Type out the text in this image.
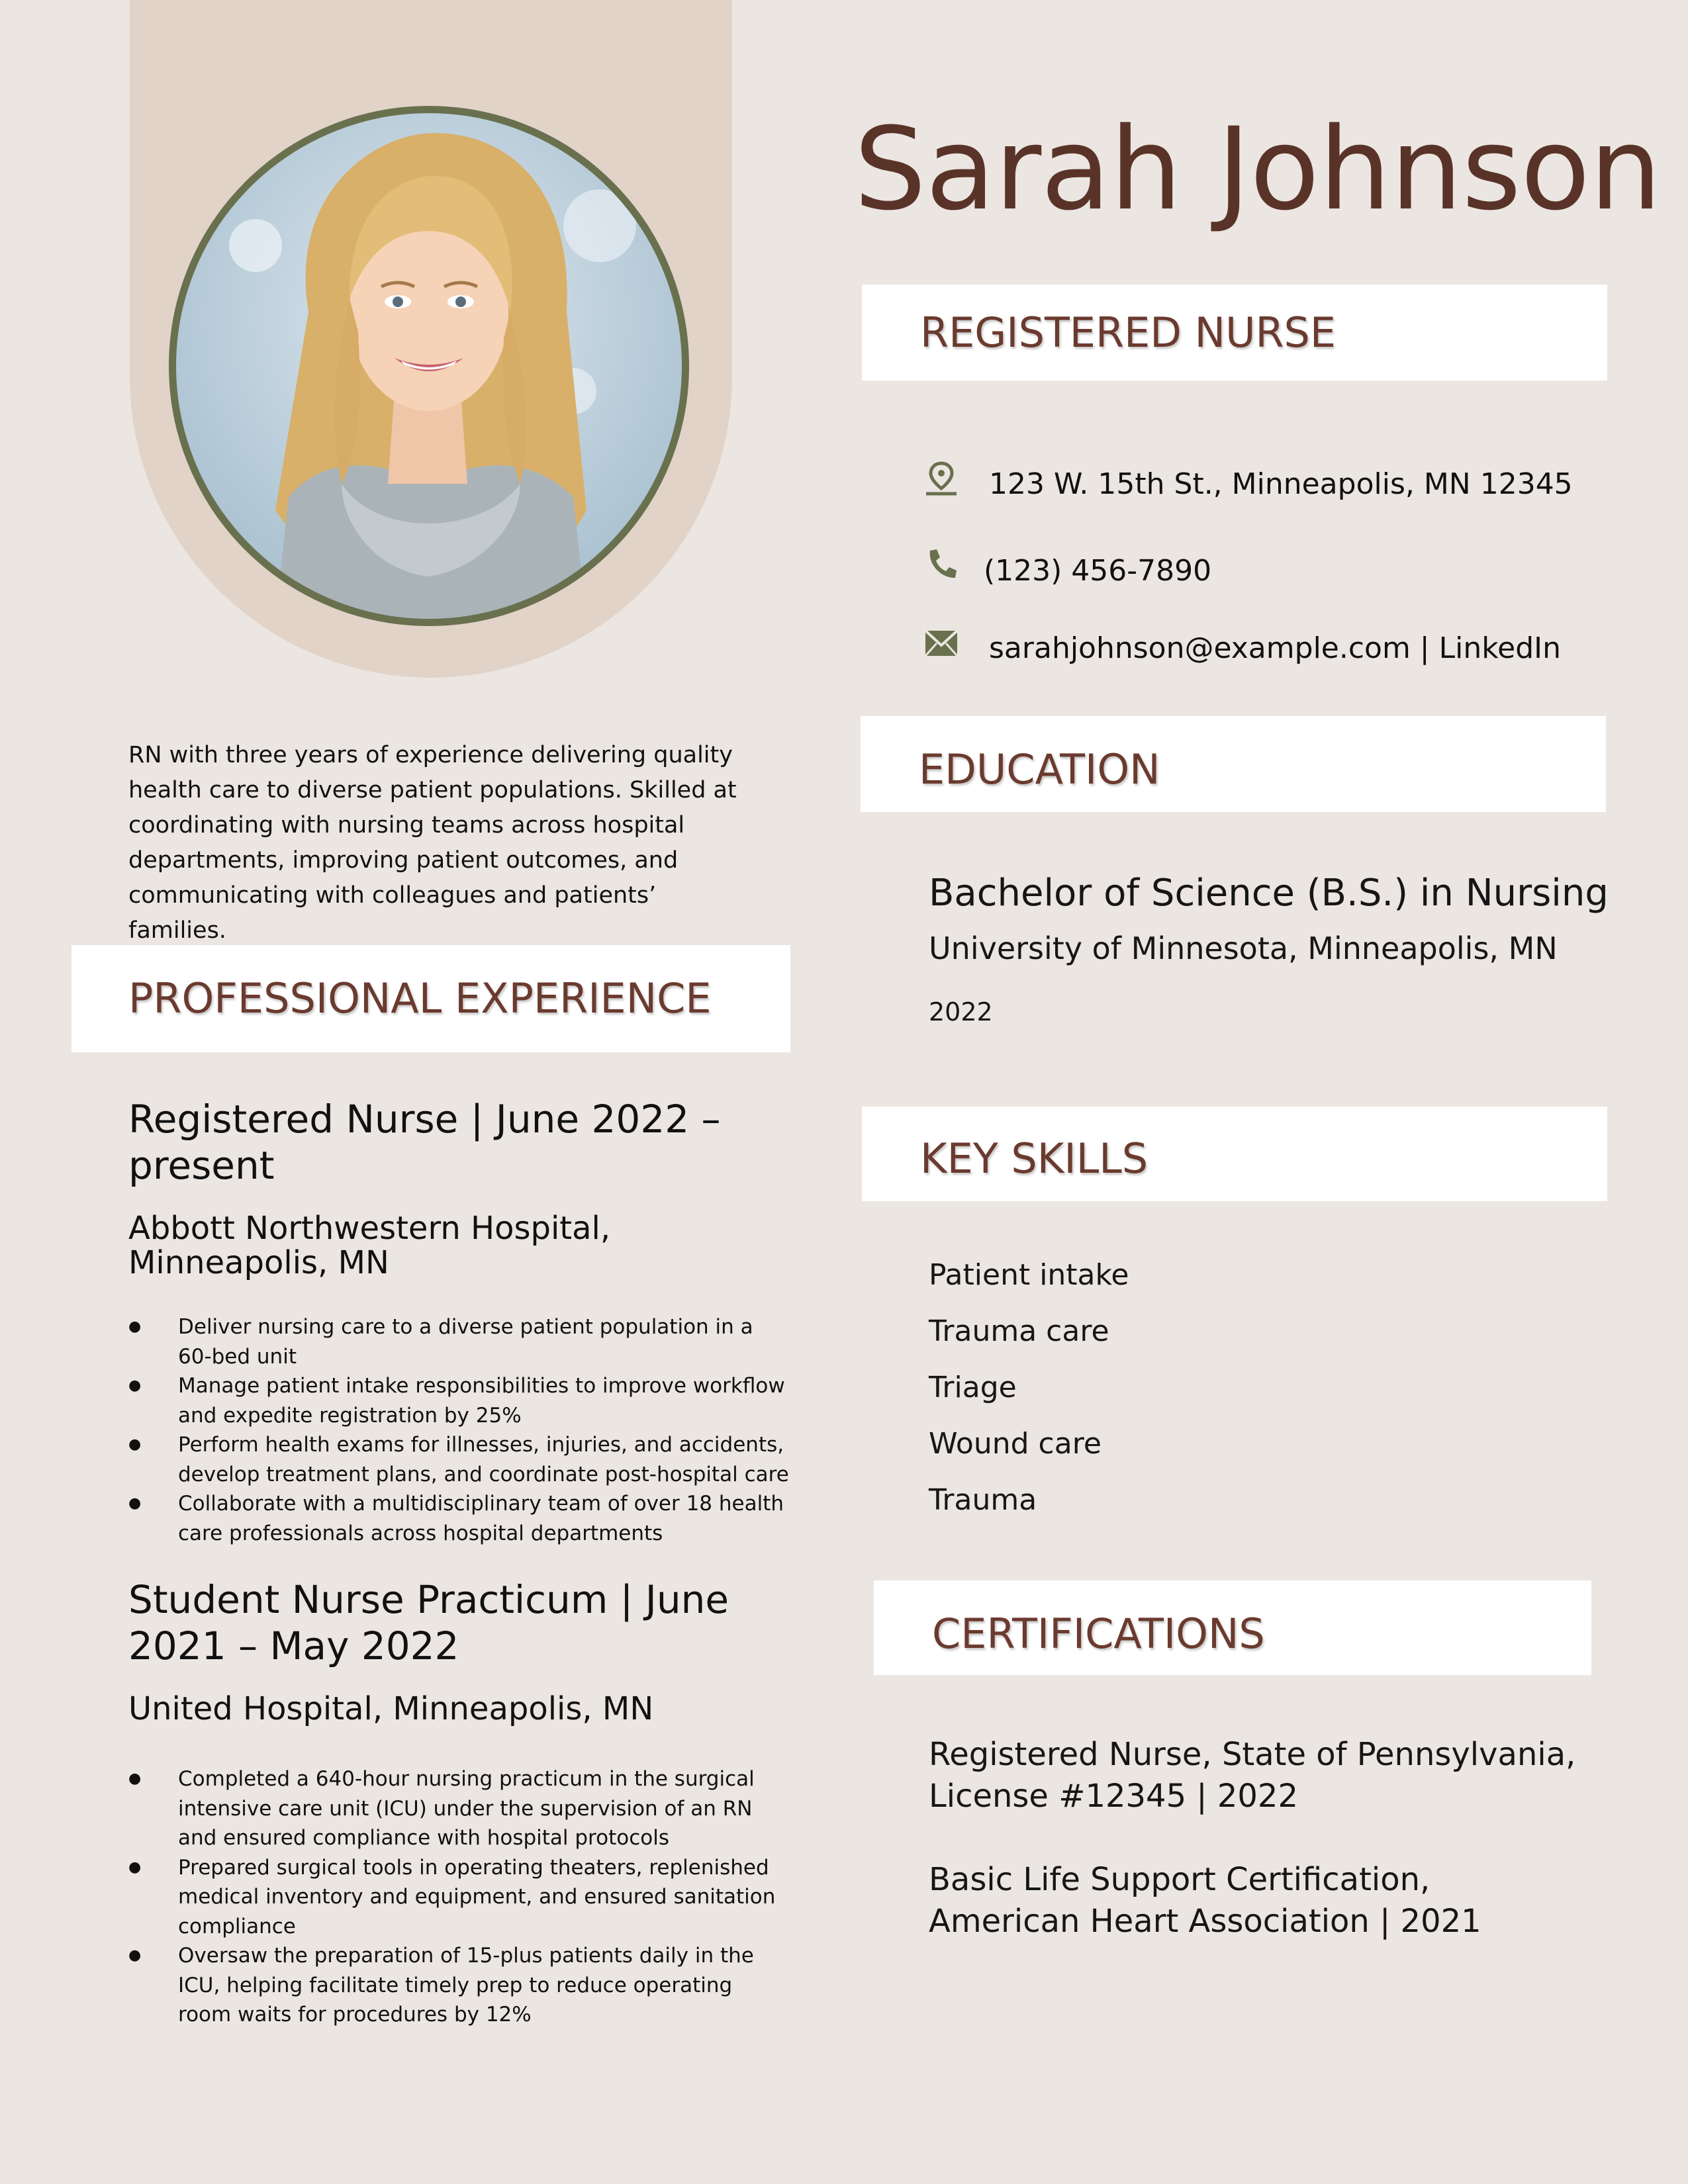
Sarah Johnson
REGISTERED NURSE
123 W. 15th St., Minneapolis, MN 12345
(123) 456-7890
sarahjohnson@example.com | LinkedIn
RN with three years of experience delivering quality health care to diverse patient populations. Skilled at coordinating with nursing teams across hospital departments, improving patient outcomes, and communicating with colleagues and patients’ families.
PROFESSIONAL EXPERIENCE
Registered Nurse | June 2022 – present
Abbott Northwestern Hospital, Minneapolis, MN
● Deliver nursing care to a diverse patient population in a 60-bed unit
● Manage patient intake responsibilities to improve workflow and expedite registration by 25%
● Perform health exams for illnesses, injuries, and accidents, develop treatment plans, and coordinate post-hospital care
● Collaborate with a multidisciplinary team of over 18 health care professionals across hospital departments
Student Nurse Practicum | June 2021 – May 2022
United Hospital, Minneapolis, MN
● Completed a 640-hour nursing practicum in the surgical intensive care unit (ICU) under the supervision of an RN and ensured compliance with hospital protocols
● Prepared surgical tools in operating theaters, replenished medical inventory and equipment, and ensured sanitation compliance
● Oversaw the preparation of 15-plus patients daily in the ICU, helping facilitate timely prep to reduce operating room waits for procedures by 12%
EDUCATION
Bachelor of Science (B.S.) in Nursing
University of Minnesota, Minneapolis, MN
2022
KEY SKILLS
Patient intake
Trauma care
Triage
Wound care
Trauma
CERTIFICATIONS
Registered Nurse, State of Pennsylvania, License #12345 | 2022
Basic Life Support Certification, American Heart Association | 2021
